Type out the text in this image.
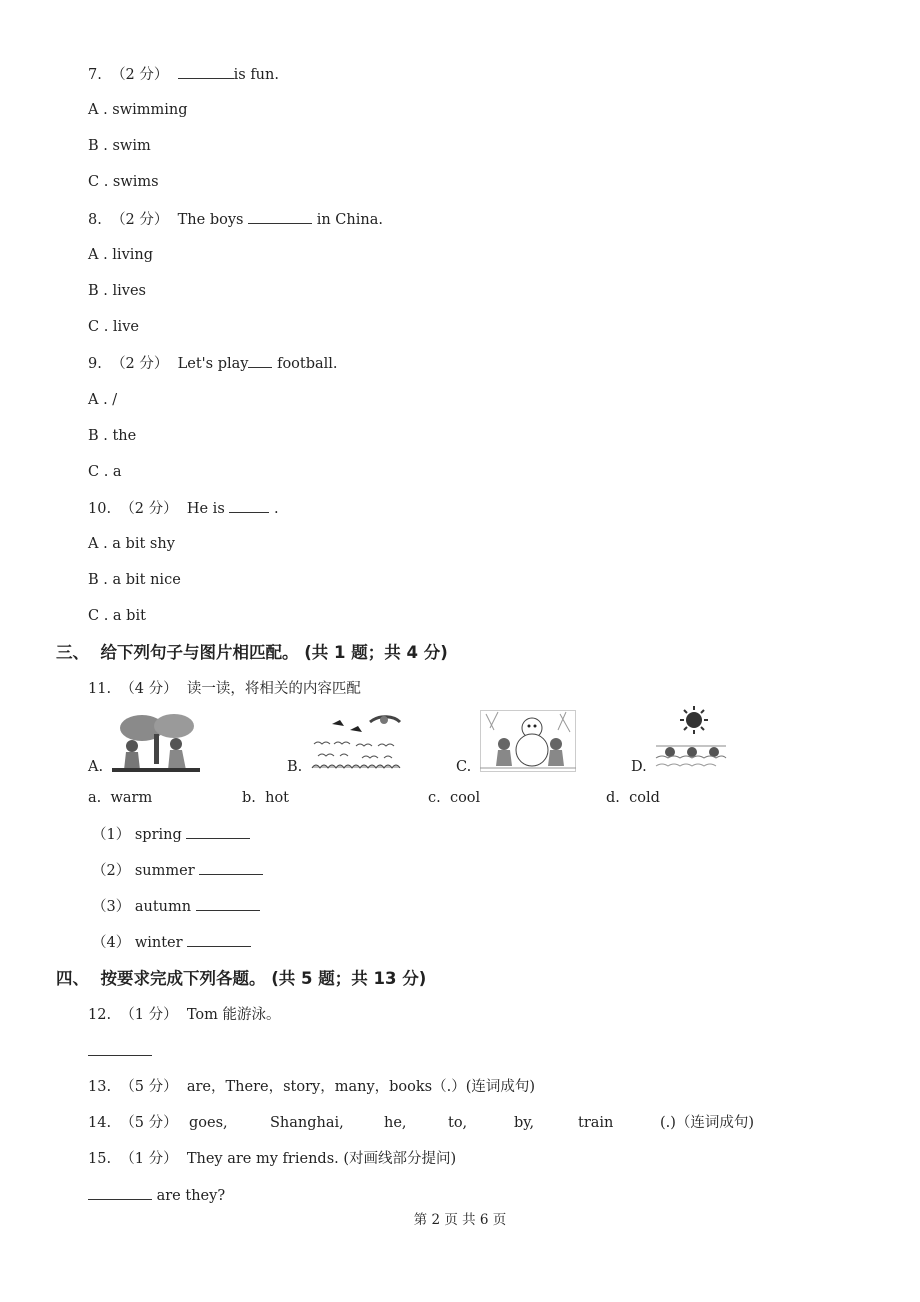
7. （2 分）	is fun.
A . swimming
B . swim
C . swims
8. （2 分） The boys	in China.
A . living
B . lives
C . live
9. （2 分） Let's play football.
A . /
B . the
C . a
10. （2 分） He is	.
A . a bit shy
B . a bit nice
C . a bit
三、  给下列句子与图片相匹配。 (共 1 题；共 4 分)
11. （4 分） 读一读，将相关的内容匹配
A.	B.	C.	D.
a.  warm	b.  hot	c.  cool	d.  cold
（1） spring
（2） summer
（3） autumn
（4） winter
四、  按要求完成下列各题。 (共 5 题；共 13 分)
12. （1 分） Tom 能游泳。
13. （5 分） are，There，story，many，books（.）(连词成句)
14. （5 分） goes,	Shanghai,	he,	to,	by,	train	(.)（连词成句)
15. （1 分） They are my friends. (对画线部分提问)
are they?
第 2 页 共 6 页
